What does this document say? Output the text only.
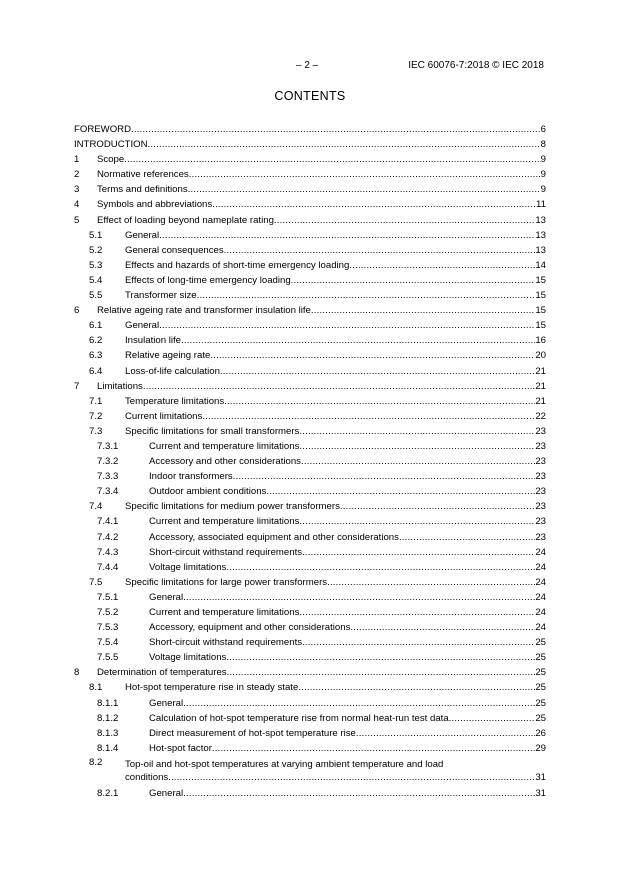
– 2 –	IEC 60076-7:2018 © IEC 2018
CONTENTS
FOREWORD .....	6
INTRODUCTION .....	8
1 Scope .....	9
2 Normative references .....	9
3 Terms and definitions .....	9
4 Symbols and abbreviations .....	11
5 Effect of loading beyond nameplate rating .....	13
5.1 General .....	13
5.2 General consequences .....	13
5.3 Effects and hazards of short-time emergency loading .....	14
5.4 Effects of long-time emergency loading .....	15
5.5 Transformer size .....	15
6 Relative ageing rate and transformer insulation life .....	15
6.1 General .....	15
6.2 Insulation life .....	16
6.3 Relative ageing rate .....	20
6.4 Loss-of-life calculation .....	21
7 Limitations .....	21
7.1 Temperature limitations .....	21
7.2 Current limitations .....	22
7.3 Specific limitations for small transformers .....	23
7.3.1	Current and temperature limitations .....	23
7.3.2	Accessory and other considerations .....	23
7.3.3	Indoor transformers .....	23
7.3.4	Outdoor ambient conditions .....	23
7.4 Specific limitations for medium power transformers .....	23
7.4.1	Current and temperature limitations .....	23
7.4.2	Accessory, associated equipment and other considerations .....	23
7.4.3	Short-circuit withstand requirements .....	24
7.4.4	Voltage limitations .....	24
7.5 Specific limitations for large power transformers .....	24
7.5.1	General .....	24
7.5.2	Current and temperature limitations .....	24
7.5.3	Accessory, equipment and other considerations .....	24
7.5.4	Short-circuit withstand requirements .....	25
7.5.5	Voltage limitations .....	25
8 Determination of temperatures .....	25
8.1 Hot-spot temperature rise in steady state .....	25
8.1.1	General .....	25
8.1.2	Calculation of hot-spot temperature rise from normal heat-run test data .....	25
8.1.3	Direct measurement of hot-spot temperature rise .....	26
8.1.4	Hot-spot factor .....	29
8.2 Top-oil and hot-spot temperatures at varying ambient temperature and load
conditions .....	31
8.2.1	General .....	31
